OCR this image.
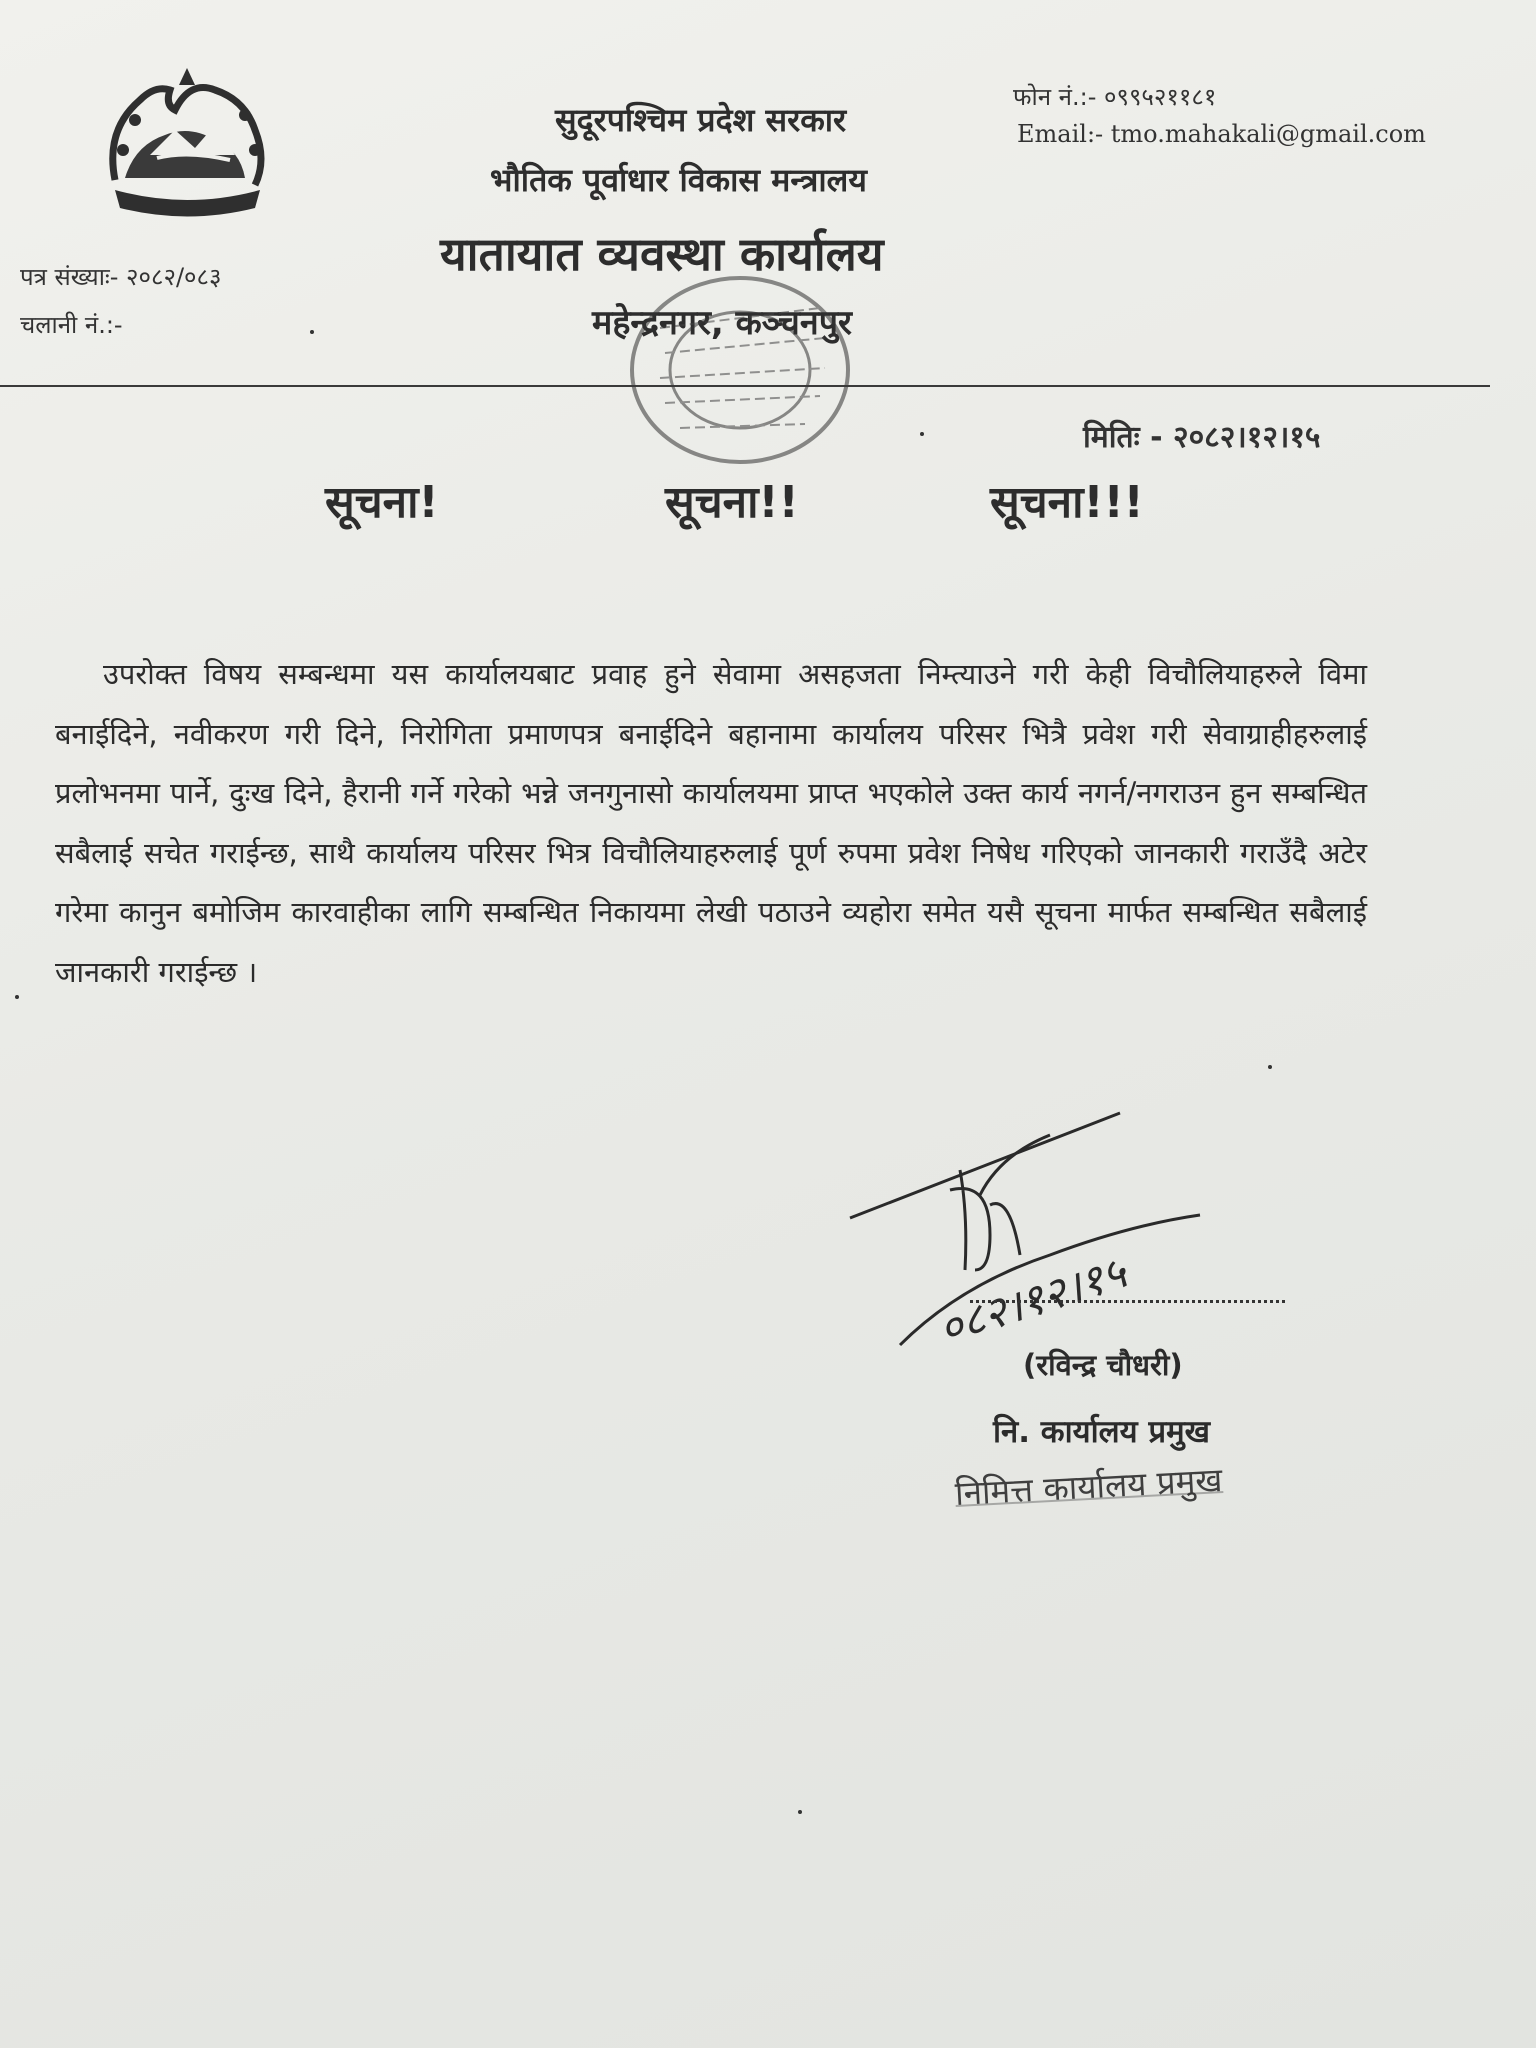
सुदूरपश्चिम प्रदेश सरकार
भौतिक पूर्वाधार विकास मन्त्रालय
यातायात व्यवस्था कार्यालय
महेन्द्रनगर, कञ्चनपुर
फोन नं.:- ०९९५२११८१
Email:- tmo.mahakali@gmail.com
पत्र संख्याः- २०८२/०८३
चलानी नं.:-
मितिः - २०८२।१२।१५
सूचना!	सूचना!!	सूचना!!!

उपरोक्त विषय सम्बन्धमा यस कार्यालयबाट प्रवाह हुने सेवामा असहजता निम्त्याउने गरी केही विचौलियाहरुले विमा बनाईदिने, नवीकरण गरी दिने, निरोगिता प्रमाणपत्र बनाईदिने बहानामा कार्यालय परिसर भित्रै प्रवेश गरी सेवाग्राहीहरुलाई प्रलोभनमा पार्ने, दुःख दिने, हैरानी गर्ने गरेको भन्ने जनगुनासो कार्यालयमा प्राप्त भएकोले उक्त कार्य नगर्न/नगराउन हुन सम्बन्धित सबैलाई सचेत गराईन्छ, साथै कार्यालय परिसर भित्र विचौलियाहरुलाई पूर्ण रुपमा प्रवेश निषेध गरिएको जानकारी गराउँदै अटेर गरेमा कानुन बमोजिम कारवाहीका लागि सम्बन्धित निकायमा लेखी पठाउने व्यहोरा समेत यसै सूचना मार्फत सम्बन्धित सबैलाई जानकारी गराईन्छ ।

०८२।१२।१५
(रविन्द्र चौधरी)
नि. कार्यालय प्रमुख
निमित्त कार्यालय प्रमुख
